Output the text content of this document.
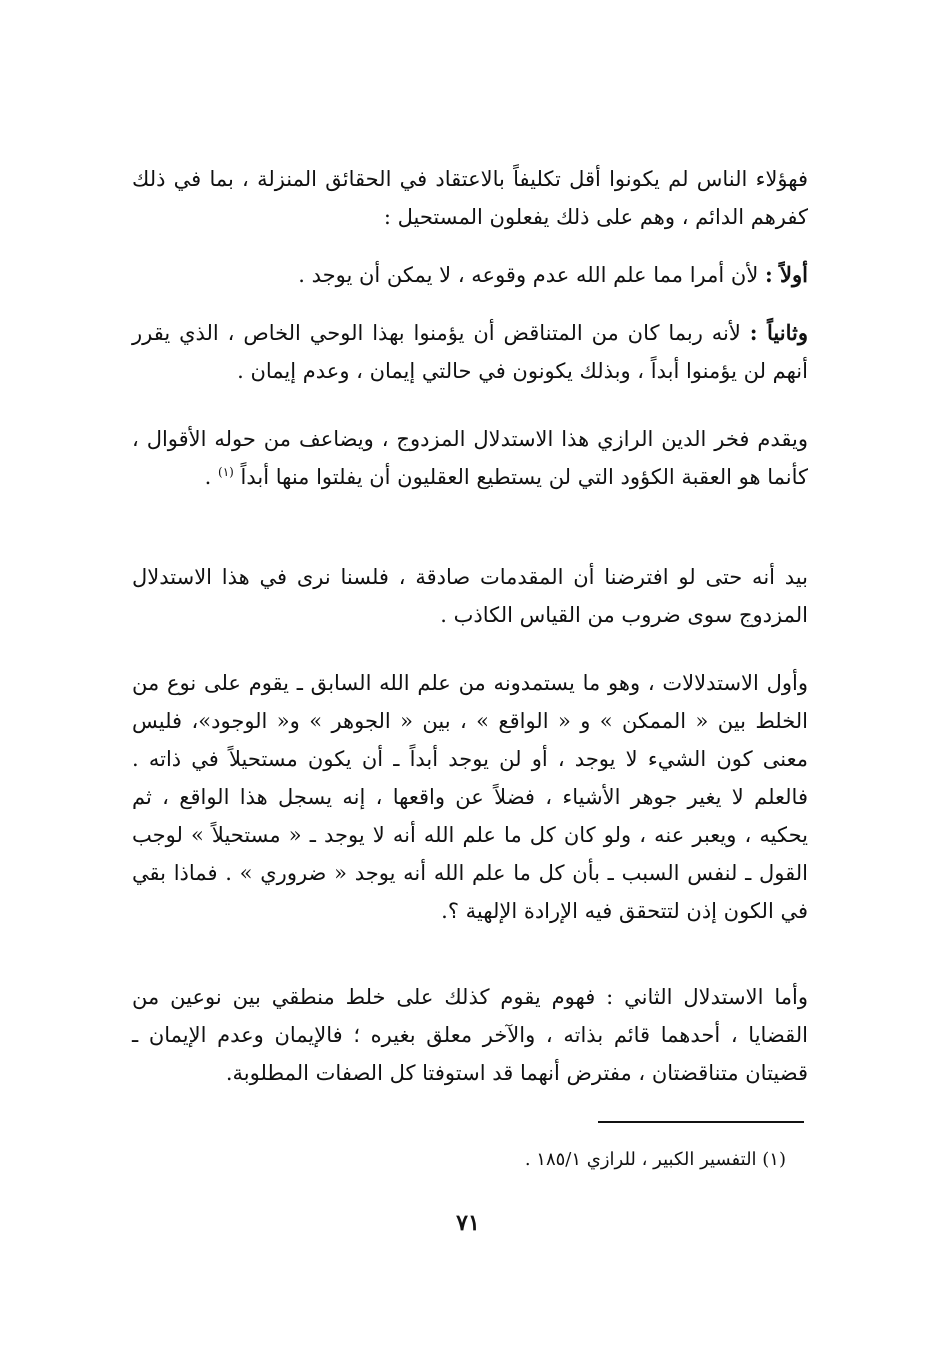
فهؤلاء الناس لم يكونوا أقل تكليفاً بالاعتقاد في الحقائق المنزلة ، بما في ذلك كفرهم الدائم ، وهم على ذلك يفعلون المستحيل :

أولاً : لأن أمرا مما علم الله عدم وقوعه ، لا يمكن أن يوجد .

وثانياً : لأنه ربما كان من المتناقض أن يؤمنوا بهذا الوحي الخاص ، الذي يقرر أنهم لن يؤمنوا أبداً ، وبذلك يكونون في حالتي إيمان ، وعدم إيمان .

ويقدم فخر الدين الرازي هذا الاستدلال المزدوج ، ويضاعف من حوله الأقوال ، كأنما هو العقبة الكؤود التي لن يستطيع العقليون أن يفلتوا منها أبداً $^{(١)}$ .

بيد أنه حتى لو افترضنا أن المقدمات صادقة ، فلسنا نرى في هذا الاستدلال المزدوج سوى ضروب من القياس الكاذب .

وأول الاستدلالات ، وهو ما يستمدونه من علم الله السابق ـ يقوم على نوع من الخلط بين « الممكن » و « الواقع » ، بين « الجوهر » و« الوجود»، فليس معنى كون الشيء لا يوجد ، أو لن يوجد أبداً ـ أن يكون مستحيلاً في ذاته . فالعلم لا يغير جوهر الأشياء ، فضلاً عن واقعها ، إنه يسجل هذا الواقع ، ثم يحكيه ، ويعبر عنه ، ولو كان كل ما علم الله أنه لا يوجد ـ « مستحيلاً » لوجب القول ـ لنفس السبب ـ بأن كل ما علم الله أنه يوجد « ضروري » . فماذا بقي في الكون إذن لتتحقق فيه الإرادة الإلهية ؟.

وأما الاستدلال الثاني : فهوم يقوم كذلك على خلط منطقي بين نوعين من القضايا ، أحدهما قائم بذاته ، والآخر معلق بغيره ؛ فالإيمان وعدم الإيمان ـ قضيتان متناقضتان ، مفترض أنهما قد استوفتا كل الصفات المطلوبة.

(١) التفسير الكبير ، للرازي ١٨٥/١ .
٧١
